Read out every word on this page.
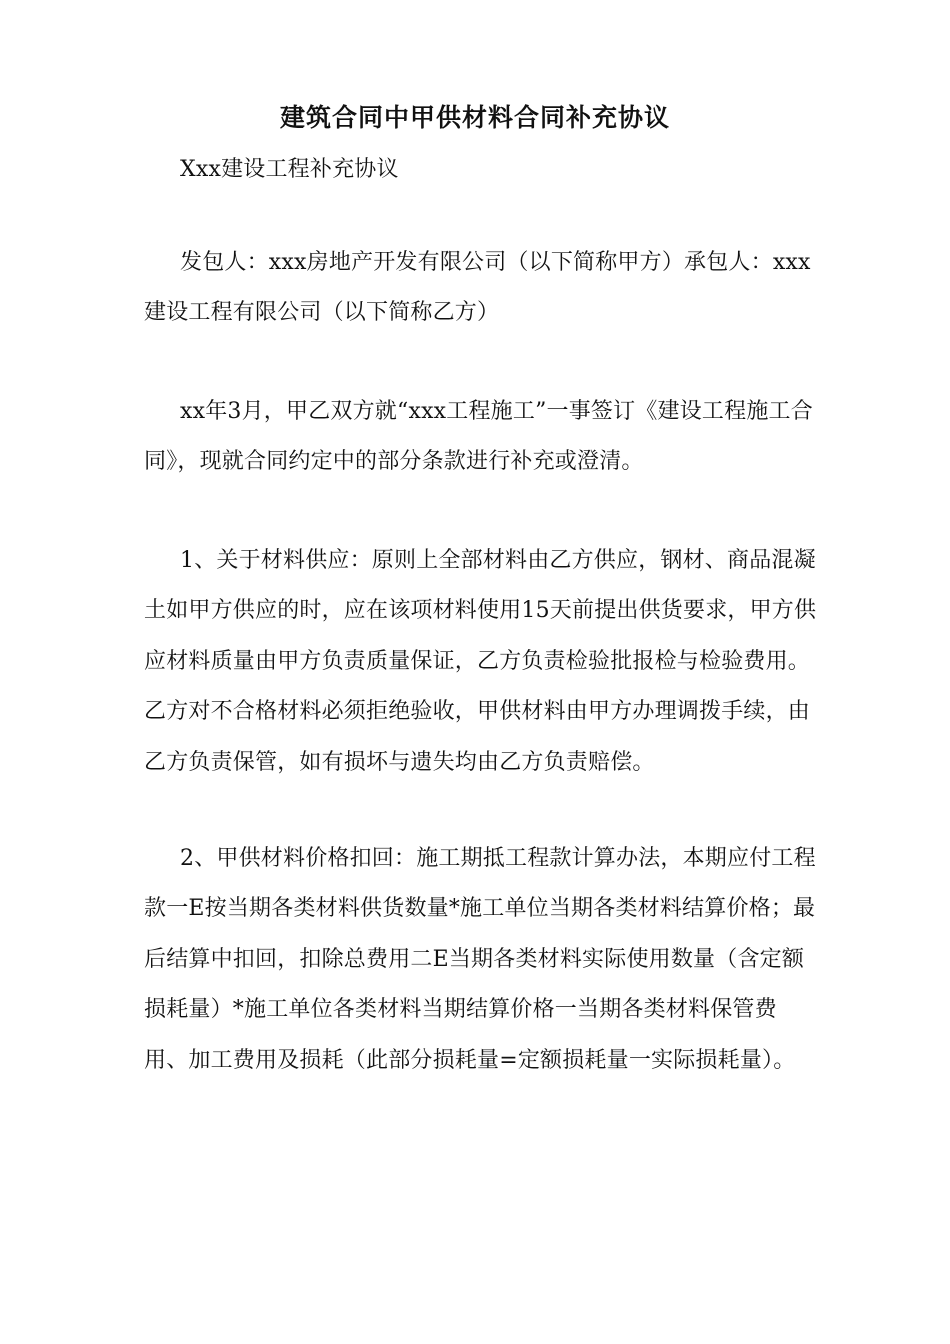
建筑合同中甲供材料合同补充协议
Xxx建设工程补充协议
发包人：xxx房地产开发有限公司（以下简称甲方）承包人：xxx建设工程有限公司（以下简称乙方）
xx年3月，甲乙双方就“xxx工程施工”一事签订《建设工程施工合同》，现就合同约定中的部分条款进行补充或澄清。
1、关于材料供应：原则上全部材料由乙方供应，钢材、商品混凝土如甲方供应的时，应在该项材料使用15天前提出供货要求，甲方供应材料质量由甲方负责质量保证，乙方负责检验批报检与检验费用。 乙方对不合格材料必须拒绝验收，甲供材料由甲方办理调拨手续，由 乙方负责保管，如有损坏与遗失均由乙方负责赔偿。
2、甲供材料价格扣回：施工期抵工程款计算办法，本期应付工程款一E按当期各类材料供货数量*施工单位当期各类材料结算价格；最后结算中扣回，扣除总费用二E当期各类材料实际使用数量（含定额损耗量）*施工单位各类材料当期结算价格一当期各类材料保管费用、加工费用及损耗（此部分损耗量=定额损耗量一实际损耗量）。
